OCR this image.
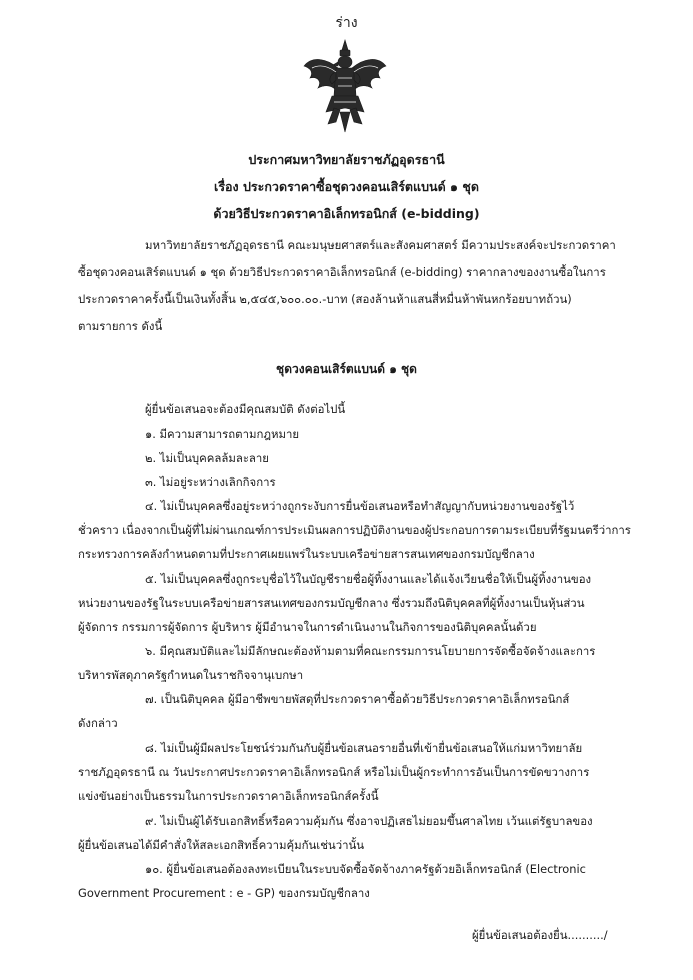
ร่าง
ประกาศมหาวิทยาลัยราชภัฏอุดรธานี
เรื่อง ประกวดราคาซื้อชุดวงคอนเสิร์ตแบนด์ ๑ ชุด
ด้วยวิธีประกวดราคาอิเล็กทรอนิกส์ (e-bidding)
มหาวิทยาลัยราชภัฏอุดรธานี คณะมนุษยศาสตร์และสังคมศาสตร์ มีความประสงค์จะประกวดราคา
ซื้อชุดวงคอนเสิร์ตแบนด์ ๑ ชุด ด้วยวิธีประกวดราคาอิเล็กทรอนิกส์ (e-bidding) ราคากลางของงานซื้อในการ
ประกวดราคาครั้งนี้เป็นเงินทั้งสิ้น ๒,๕๔๕,๖๐๐.๐๐.-บาท (สองล้านห้าแสนสี่หมื่นห้าพันหกร้อยบาทถ้วน)
ตามรายการ ดังนี้
ชุดวงคอนเสิร์ตแบนด์ ๑ ชุด
ผู้ยื่นข้อเสนอจะต้องมีคุณสมบัติ ดังต่อไปนี้
๑. มีความสามารถตามกฎหมาย
๒. ไม่เป็นบุคคลล้มละลาย
๓. ไม่อยู่ระหว่างเลิกกิจการ
๔. ไม่เป็นบุคคลซึ่งอยู่ระหว่างถูกระงับการยื่นข้อเสนอหรือทำสัญญากับหน่วยงานของรัฐไว้
ชั่วคราว เนื่องจากเป็นผู้ที่ไม่ผ่านเกณฑ์การประเมินผลการปฏิบัติงานของผู้ประกอบการตามระเบียบที่รัฐมนตรีว่าการ
กระทรวงการคลังกำหนดตามที่ประกาศเผยแพร่ในระบบเครือข่ายสารสนเทศของกรมบัญชีกลาง
๕. ไม่เป็นบุคคลซึ่งถูกระบุชื่อไว้ในบัญชีรายชื่อผู้ทิ้งงานและได้แจ้งเวียนชื่อให้เป็นผู้ทิ้งงานของ
หน่วยงานของรัฐในระบบเครือข่ายสารสนเทศของกรมบัญชีกลาง ซึ่งรวมถึงนิติบุคคลที่ผู้ทิ้งงานเป็นหุ้นส่วน
ผู้จัดการ กรรมการผู้จัดการ ผู้บริหาร ผู้มีอำนาจในการดำเนินงานในกิจการของนิติบุคคลนั้นด้วย
๖. มีคุณสมบัติและไม่มีลักษณะต้องห้ามตามที่คณะกรรมการนโยบายการจัดซื้อจัดจ้างและการ
บริหารพัสดุภาครัฐกำหนดในราชกิจจานุเบกษา
๗. เป็นนิติบุคคล ผู้มีอาชีพขายพัสดุที่ประกวดราคาซื้อด้วยวิธีประกวดราคาอิเล็กทรอนิกส์
ดังกล่าว
๘. ไม่เป็นผู้มีผลประโยชน์ร่วมกันกับผู้ยื่นข้อเสนอรายอื่นที่เข้ายื่นข้อเสนอให้แก่มหาวิทยาลัย
ราชภัฏอุดรธานี ณ วันประกาศประกวดราคาอิเล็กทรอนิกส์ หรือไม่เป็นผู้กระทำการอันเป็นการขัดขวางการ
แข่งขันอย่างเป็นธรรมในการประกวดราคาอิเล็กทรอนิกส์ครั้งนี้
๙. ไม่เป็นผู้ได้รับเอกสิทธิ์หรือความคุ้มกัน ซึ่งอาจปฏิเสธไม่ยอมขึ้นศาลไทย เว้นแต่รัฐบาลของ
ผู้ยื่นข้อเสนอได้มีคำสั่งให้สละเอกสิทธิ์ความคุ้มกันเช่นว่านั้น
๑๐. ผู้ยื่นข้อเสนอต้องลงทะเบียนในระบบจัดซื้อจัดจ้างภาครัฐด้วยอิเล็กทรอนิกส์ (Electronic
Government Procurement : e - GP) ของกรมบัญชีกลาง
ผู้ยื่นข้อเสนอต้องยื่น........../
